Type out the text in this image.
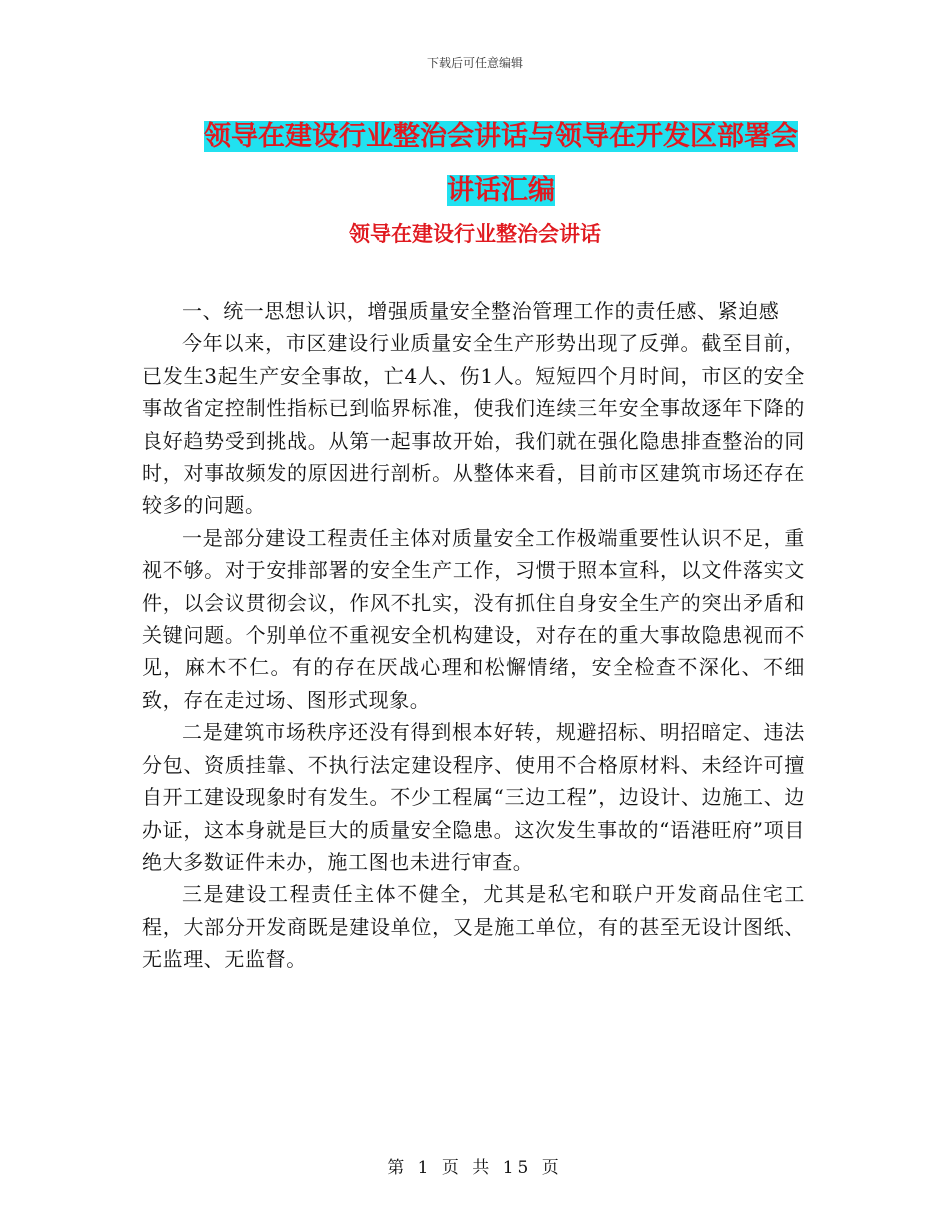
下载后可任意编辑
领导在建设行业整治会讲话与领导在开发区部署会讲话汇编
领导在建设行业整治会讲话

一、统一思想认识，增强质量安全整治管理工作的责任感、紧迫感

今年以来，市区建设行业质量安全生产形势出现了反弹。截至目前，已发生3起生产安全事故，亡4人、伤1人。短短四个月时间，市区的安全事故省定控制性指标已到临界标准，使我们连续三年安全事故逐年下降的良好趋势受到挑战。从第一起事故开始，我们就在强化隐患排查整治的同时，对事故频发的原因进行剖析。从整体来看，目前市区建筑市场还存在较多的问题。

一是部分建设工程责任主体对质量安全工作极端重要性认识不足，重视不够。对于安排部署的安全生产工作，习惯于照本宣科，以文件落实文件，以会议贯彻会议，作风不扎实，没有抓住自身安全生产的突出矛盾和关键问题。个别单位不重视安全机构建设，对存在的重大事故隐患视而不见，麻木不仁。有的存在厌战心理和松懈情绪，安全检查不深化、不细致，存在走过场、图形式现象。

二是建筑市场秩序还没有得到根本好转，规避招标、明招暗定、违法分包、资质挂靠、不执行法定建设程序、使用不合格原材料、未经许可擅自开工建设现象时有发生。不少工程属“三边工程”，边设计、边施工、边办证，这本身就是巨大的质量安全隐患。这次发生事故的“语港旺府”项目绝大多数证件未办，施工图也未进行审查。

三是建设工程责任主体不健全，尤其是私宅和联户开发商品住宅工程，大部分开发商既是建设单位，又是施工单位，有的甚至无设计图纸、无监理、无监督。

第 1 页 共 15 页
